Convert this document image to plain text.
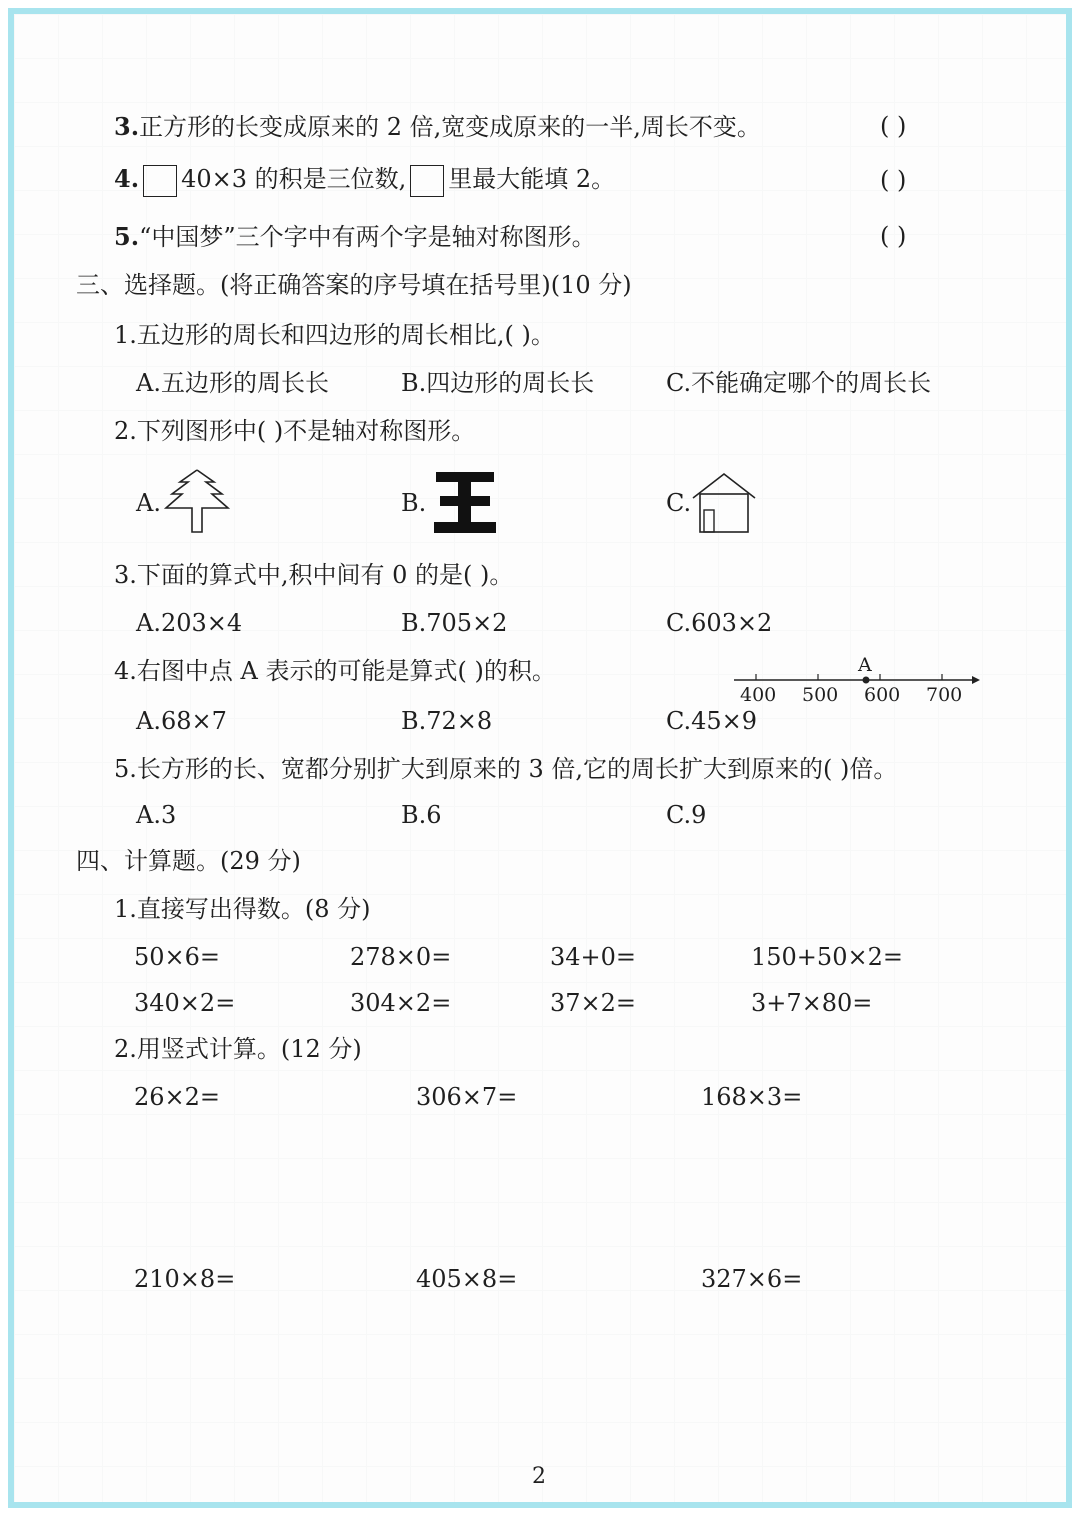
3.正方形的长变成原来的 2 倍,宽变成原来的一半,周长不变。	( )
4. 40×3 的积是三位数, 里最大能填 2。	( )
5.“中国梦”三个字中有两个字是轴对称图形。	( )
三、选择题。(将正确答案的序号填在括号里)(10 分)
1.五边形的周长和四边形的周长相比,( )。
A.五边形的周长长	B.四边形的周长长	C.不能确定哪个的周长长
2.下列图形中( )不是轴对称图形。
A.	B.	C.
3.下面的算式中,积中间有 0 的是( )。
A.203×4	B.705×2	C.603×2
4.右图中点 A 表示的可能是算式( )的积。	A
400 500 600 700
A.68×7	B.72×8	C.45×9
5.长方形的长、宽都分别扩大到原来的 3 倍,它的周长扩大到原来的( )倍。
A.3	B.6	C.9
四、计算题。(29 分)
1.直接写出得数。(8 分)
50×6=	278×0=	34+0=	150+50×2=
340×2=	304×2=	37×2=	3+7×80=
2.用竖式计算。(12 分)
26×2=	306×7=	168×3=
210×8=	405×8=	327×6=
2
